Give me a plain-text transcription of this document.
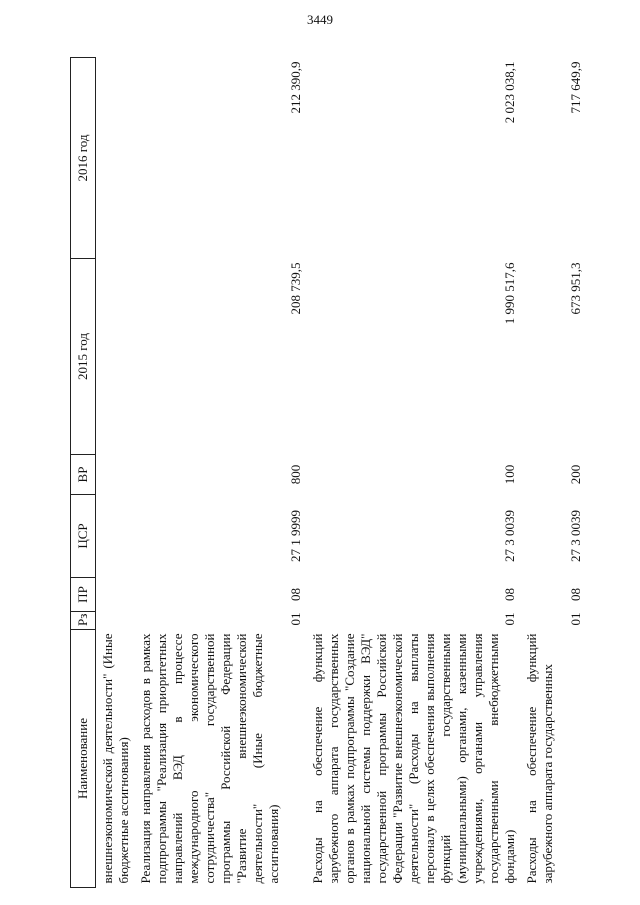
3449
Наименование	Рз	ПР	ЦСР	ВР	2015 год	2016 год
внешнеэкономической деятельности" (Иные бюджетные ассигнования)						

Реализация направления расходов в рамках подпрограммы "Реализация приоритетных направлений ВЭД в процессе международного экономического сотрудничества" государственной программы Российской Федерации "Развитие внешнеэкономической деятельности" (Иные бюджетные ассигнования)	01	08	27 1 9999	800	208 739,5	212 390,9

Расходы на обеспечение функций зарубежного аппарата государственных органов в рамках подпрограммы "Создание национальной системы поддержки ВЭД" государственной программы Российской Федерации "Развитие внешнеэкономической деятельности" (Расходы на выплаты персоналу в целях обеспечения выполнения функций государственными (муниципальными) органами, казенными учреждениями, органами управления государственными внебюджетными фондами)	01	08	27 3 0039	100	1 990 517,6	2 023 038,1

Расходы на обеспечение функций зарубежного аппарата государственных	01	08	27 3 0039	200	673 951,3	717 649,9
